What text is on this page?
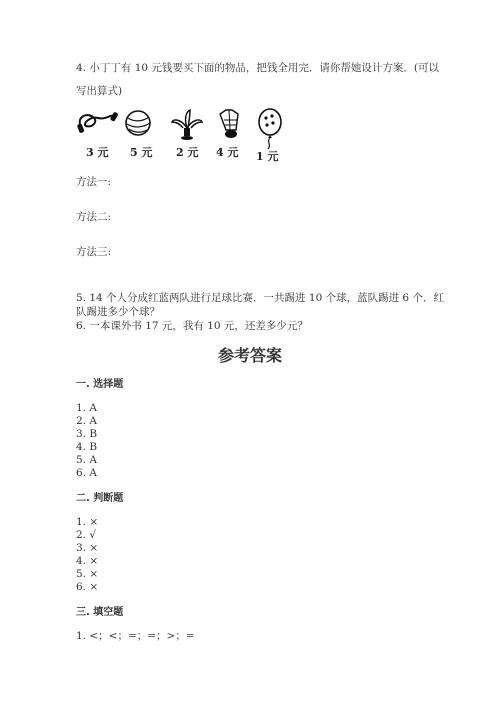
4. 小丁丁有 10 元钱要买下面的物品，把钱全用完．请你帮她设计方案．(可以
写出算式)
3 元 5 元 2 元 4 元 1 元
方法一:
方法二:
方法三:
5. 14 个人分成红蓝两队进行足球比赛．一共踢进 10 个球，蓝队踢进 6 个．红
队踢进多少个球？
6. 一本课外书 17 元，我有 10 元，还差多少元？
参考答案
一. 选择题
1. A
2. A
3. B
4. B
5. A
6. A
二. 判断题
1. ×
2. √
3. ×
4. ×
5. ×
6. ×
三. 填空题
1. <；<；=；=；>；=
